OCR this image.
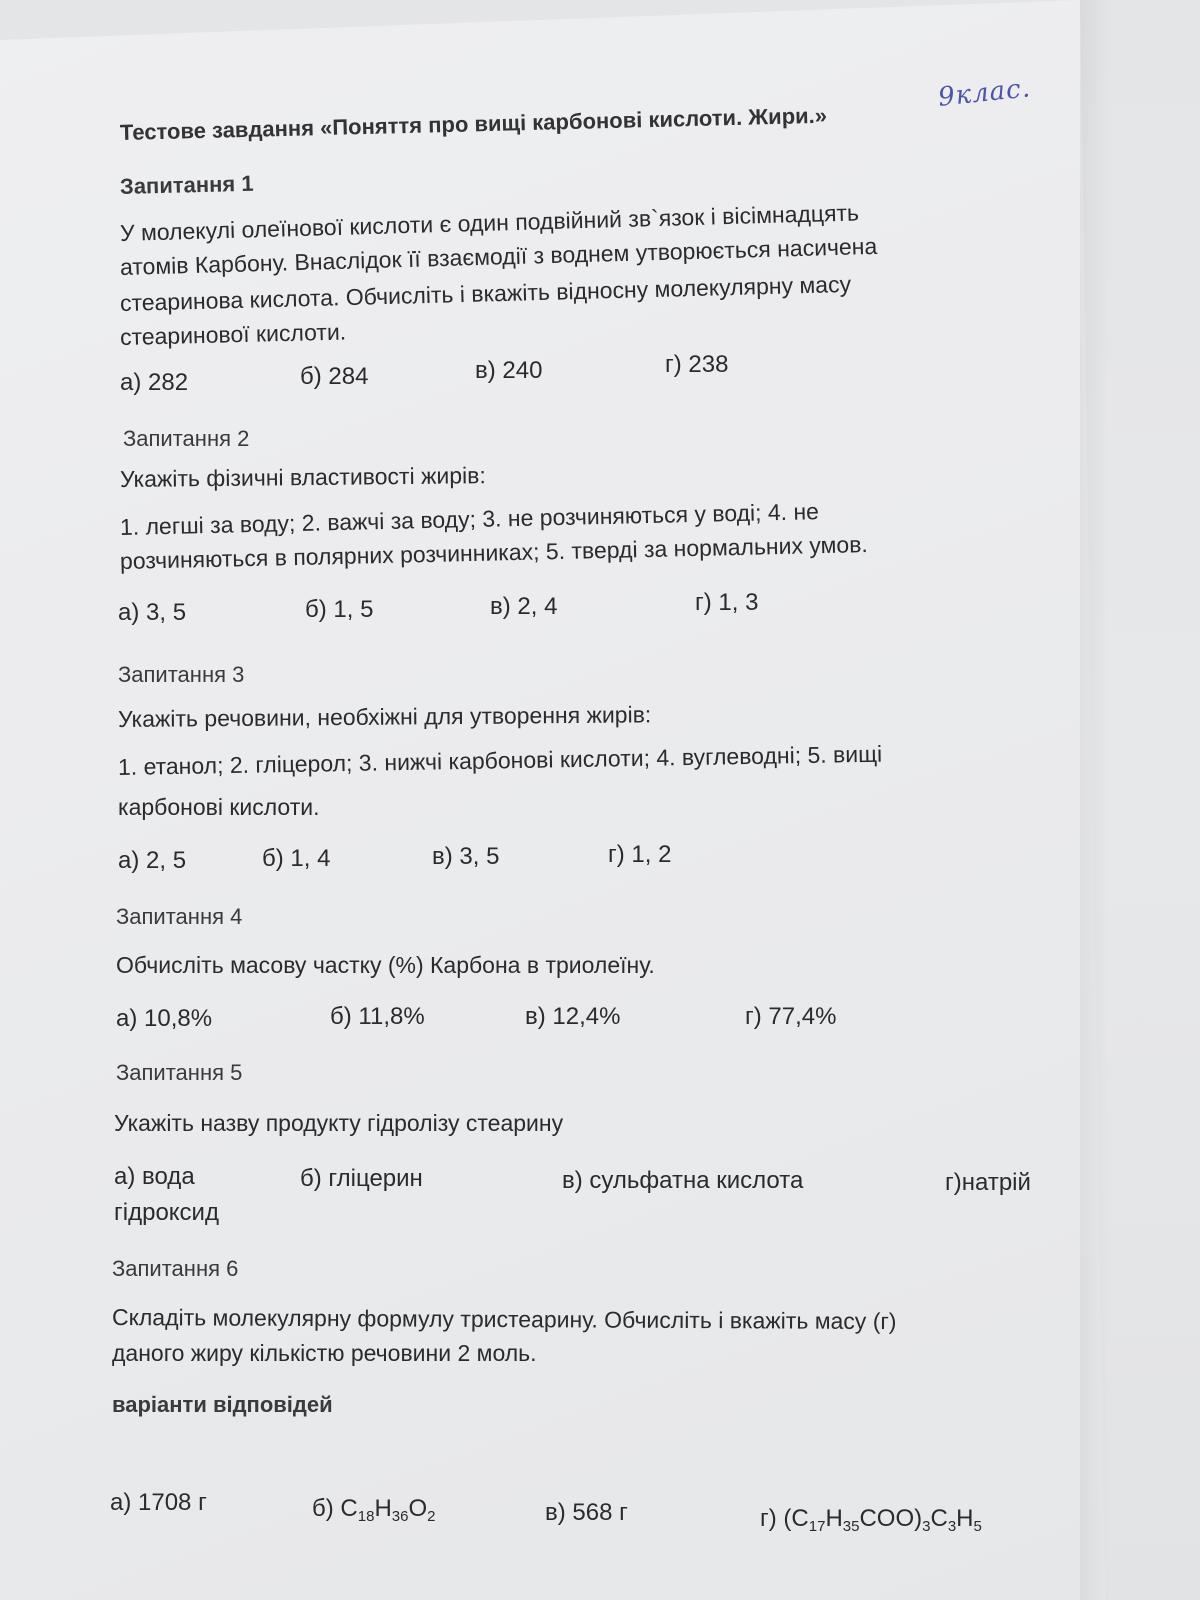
Тестове завдання «Поняття про вищі карбонові кислоти. Жири.»
9клас.
Запитання 1
У молекулі олеїнової кислоти є один подвійний зв`язок і вісімнадцять
атомів Карбону. Внаслідок її взаємодії з воднем утворюється насичена
стеаринова кислота. Обчисліть і вкажіть відносну молекулярну масу
стеаринової кислоти.
а) 282	б) 284	в) 240	г) 238
Запитання 2
Укажіть фізичні властивості жирів:
1. легші за воду; 2. важчі за воду; 3. не розчиняються у воді; 4. не
розчиняються в полярних розчинниках; 5. тверді за нормальних умов.
а) 3, 5	б) 1, 5	в) 2, 4	г) 1, 3
Запитання 3
Укажіть речовини, необхіжні для утворення жирів:
1. етанол; 2. гліцерол; 3. нижчі карбонові кислоти; 4. вуглеводні; 5. вищі
карбонові кислоти.
а) 2, 5	б) 1, 4	в) 3, 5	г) 1, 2
Запитання 4
Обчисліть масову частку (%) Карбона в триолеїну.
а) 10,8%	б) 11,8%	в) 12,4%	г) 77,4%
Запитання 5
Укажіть назву продукту гідролізу стеарину
а) вода	б) гліцерин	в) сульфатна кислота	г)натрій
гідроксид
Запитання 6
Складіть молекулярну формулу тристеарину. Обчисліть і вкажіть масу (г)
даного жиру кількістю речовини 2 моль.
варіанти відповідей
а) 1708 г	б) $C_{18}H_{36}O_2$	в) 568 г	г) $(C_{17}H_{35}COO)_3C_3H_5$
